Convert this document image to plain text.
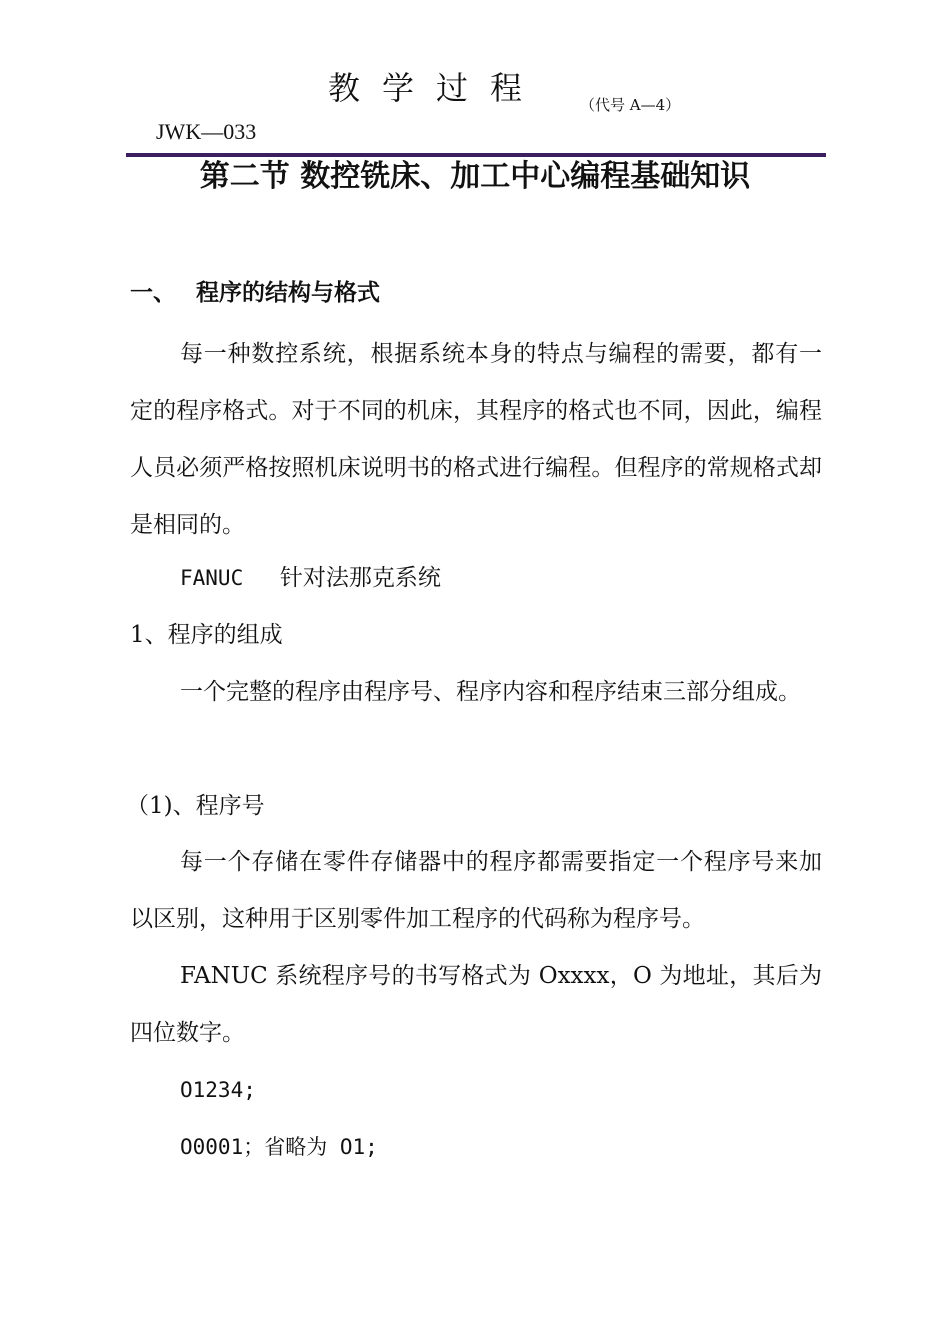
教学过程 （代号 A—4）
JWK—033
第二节 数控铣床、加工中心编程基础知识
一、 程序的结构与格式

每一种数控系统，根据系统本身的特点与编程的需要，都有一定的程序格式。对于不同的机床，其程序的格式也不同，因此，编程人员必须严格按照机床说明书的格式进行编程。但程序的常规格式却是相同的。

FANUC 针对法那克系统
1、程序的组成

一个完整的程序由程序号、程序内容和程序结束三部分组成。

（1)、程序号

每一个存储在零件存储器中的程序都需要指定一个程序号来加以区别，这种用于区别零件加工程序的代码称为程序号。

FANUC 系统程序号的书写格式为 Oxxxx，O 为地址，其后为四位数字。

O1234;
O0001；省略为 O1;
